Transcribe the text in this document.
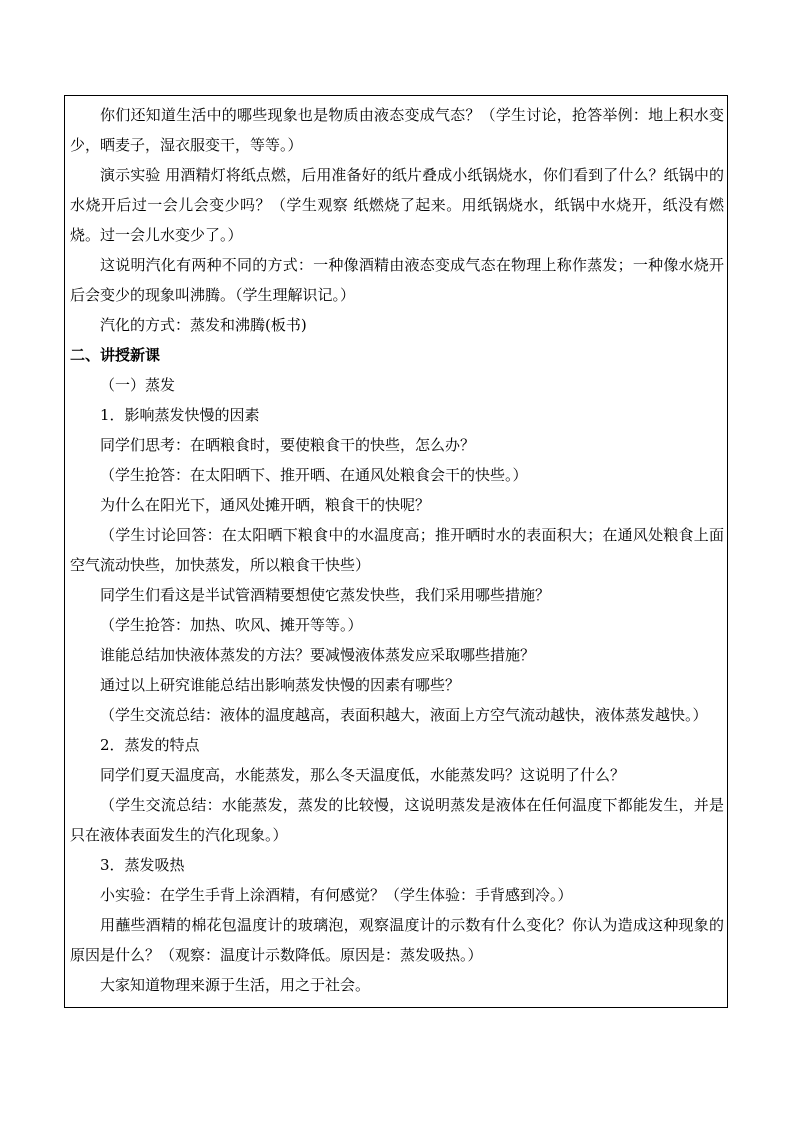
你们还知道生活中的哪些现象也是物质由液态变成气态？（学生讨论，抢答举例：地上积水变少，晒麦子，湿衣服变干，等等。）

演示实验 用酒精灯将纸点燃，后用准备好的纸片叠成小纸锅烧水，你们看到了什么？纸锅中的水烧开后过一会儿会变少吗？（学生观察 纸燃烧了起来。用纸锅烧水，纸锅中水烧开，纸没有燃烧。过一会儿水变少了。）

这说明汽化有两种不同的方式：一种像酒精由液态变成气态在物理上称作蒸发；一种像水烧开后会变少的现象叫沸腾。（学生理解识记。）

汽化的方式：蒸发和沸腾(板书)

二、讲授新课

（一）蒸发

1．影响蒸发快慢的因素

同学们思考：在晒粮食时，要使粮食干的快些，怎么办？

（学生抢答：在太阳晒下、推开晒、在通风处粮食会干的快些。）

为什么在阳光下，通风处摊开晒，粮食干的快呢？

（学生讨论回答：在太阳晒下粮食中的水温度高；推开晒时水的表面积大；在通风处粮食上面空气流动快些，加快蒸发，所以粮食干快些）

同学生们看这是半试管酒精要想使它蒸发快些，我们采用哪些措施？

（学生抢答：加热、吹风、摊开等等。）

谁能总结加快液体蒸发的方法？要减慢液体蒸发应采取哪些措施？

通过以上研究谁能总结出影响蒸发快慢的因素有哪些？

（学生交流总结：液体的温度越高，表面积越大，液面上方空气流动越快，液体蒸发越快。）

2．蒸发的特点

同学们夏天温度高，水能蒸发，那么冬天温度低，水能蒸发吗？这说明了什么？

（学生交流总结：水能蒸发，蒸发的比较慢，这说明蒸发是液体在任何温度下都能发生，并是只在液体表面发生的汽化现象。）

3．蒸发吸热

小实验：在学生手背上涂酒精，有何感觉？（学生体验：手背感到冷。）

用蘸些酒精的棉花包温度计的玻璃泡，观察温度计的示数有什么变化？你认为造成这种现象的原因是什么？（观察：温度计示数降低。原因是：蒸发吸热。）

大家知道物理来源于生活，用之于社会。
